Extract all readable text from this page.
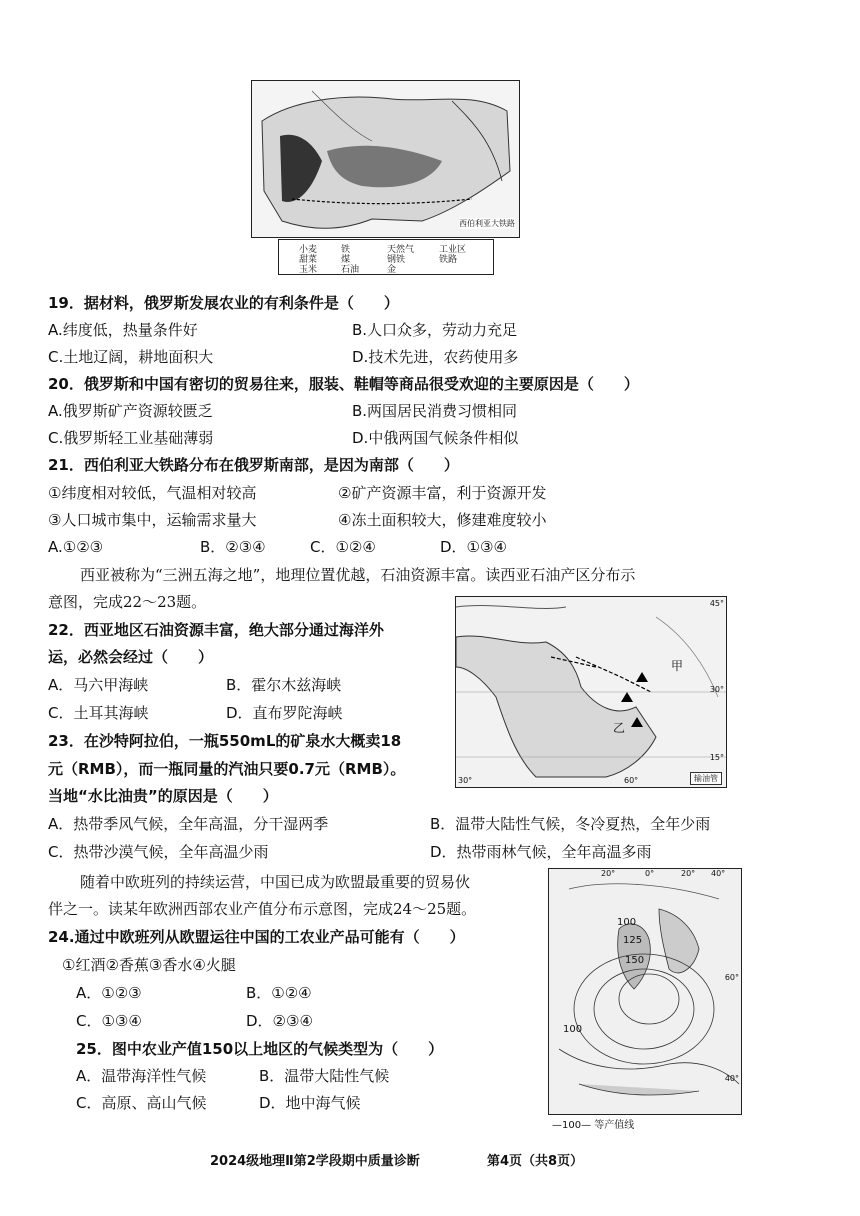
西伯利亚大铁路
小麦
甜菜
玉米
铁
煤
石油
天然气
钢铁
金
工业区
铁路
19．据材料，俄罗斯发展农业的有利条件是（　　）
A.纬度低，热量条件好	B.人口众多，劳动力充足
C.土地辽阔，耕地面积大	D.技术先进，农药使用多
20．俄罗斯和中国有密切的贸易往来，服装、鞋帽等商品很受欢迎的主要原因是（　　）
A.俄罗斯矿产资源较匮乏	B.两国居民消费习惯相同
C.俄罗斯轻工业基础薄弱	D.中俄两国气候条件相似
21．西伯利亚大铁路分布在俄罗斯南部，是因为南部（　　）
①纬度相对较低，气温相对较高	②矿产资源丰富，利于资源开发
③人口城市集中，运输需求量大	④冻土面积较大，修建难度较小
A.①②③	B．②③④	C．①②④	D．①③④
西亚被称为“三洲五海之地”，地理位置优越，石油资源丰富。读西亚石油产区分布示
意图，完成22～23题。
甲
乙
45°
30°
15°
30°	60°	输油管
22．西亚地区石油资源丰富，绝大部分通过海洋外
运，必然会经过（　　）
A．马六甲海峡	B．霍尔木兹海峡
C．土耳其海峡	D．直布罗陀海峡
23．在沙特阿拉伯，一瓶550mL的矿泉水大概卖18
元（RMB），而一瓶同量的汽油只要0.7元（RMB）。
当地“水比油贵”的原因是（　　）
A．热带季风气候，全年高温，分干湿两季	B．温带大陆性气候，冬冷夏热，全年少雨
C．热带沙漠气候，全年高温少雨	D．热带雨林气候，全年高温多雨
随着中欧班列的持续运营，中国已成为欧盟最重要的贸易伙
伴之一。读某年欧洲西部农业产值分布示意图，完成24～25题。
20°	0°	20° 40°
60°
40°
100
125
150
100
—100— 等产值线
24.通过中欧班列从欧盟运往中国的工农业产品可能有（　　）
①红酒②香蕉③香水④火腿
A．①②③	B．①②④
C．①③④	D．②③④
25．图中农业产值150以上地区的气候类型为（　　）
A．温带海洋性气候	B．温带大陆性气候
C．高原、高山气候	D．地中海气候
2024级地理Ⅱ第2学段期中质量诊断	第4页（共8页）
